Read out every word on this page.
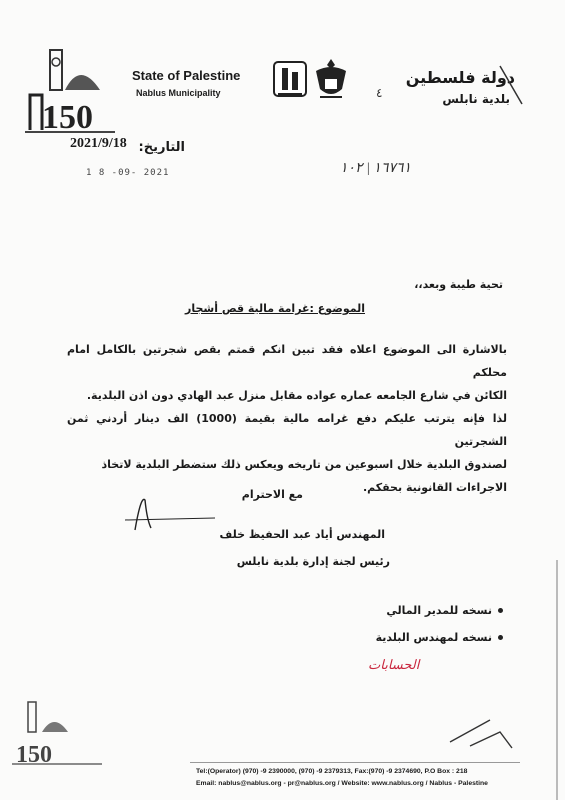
150
State of Palestine
Nablus Municipality	٤
دولة فلسطين
بلدية نابلس
التاريخ:
2021/9/18
1 8 -09- 2021	١٦٧٦١ | ١٠٢
تحية طيبة وبعد،،
الموضوع :غرامة مالية قص أشجار
بالاشارة الى الموضوع اعلاه فقد تبين انكم قمتم بقص شجرتين بالكامل امام محلكم
الكائن في شارع الجامعه عماره عواده مقابل منزل عبد الهادي دون اذن البلدية.
لذا فإنه يترتب عليكم دفع غرامه مالية بقيمة (1000) الف دينار أردني ثمن الشجرتين
لصندوق البلدية خلال اسبوعين من تاريخه ويعكس ذلك ستضطر البلدية لاتخاذ
الاجراءات القانونية بحقكم.
مع الاحترام
المهندس أياد عبد الحفيظ خلف
رئيس لجنة إدارة بلدية نابلس
نسخه للمدير المالي
نسخه لمهندس البلدية
الحسابات
150
Tel:(Operator) (970) -9 2390000, (970) -9 2379313, Fax:(970) -9 2374690, P.O Box : 218
Email: nablus@nablus.org - pr@nablus.org / Website: www.nablus.org / Nablus - Palestine
